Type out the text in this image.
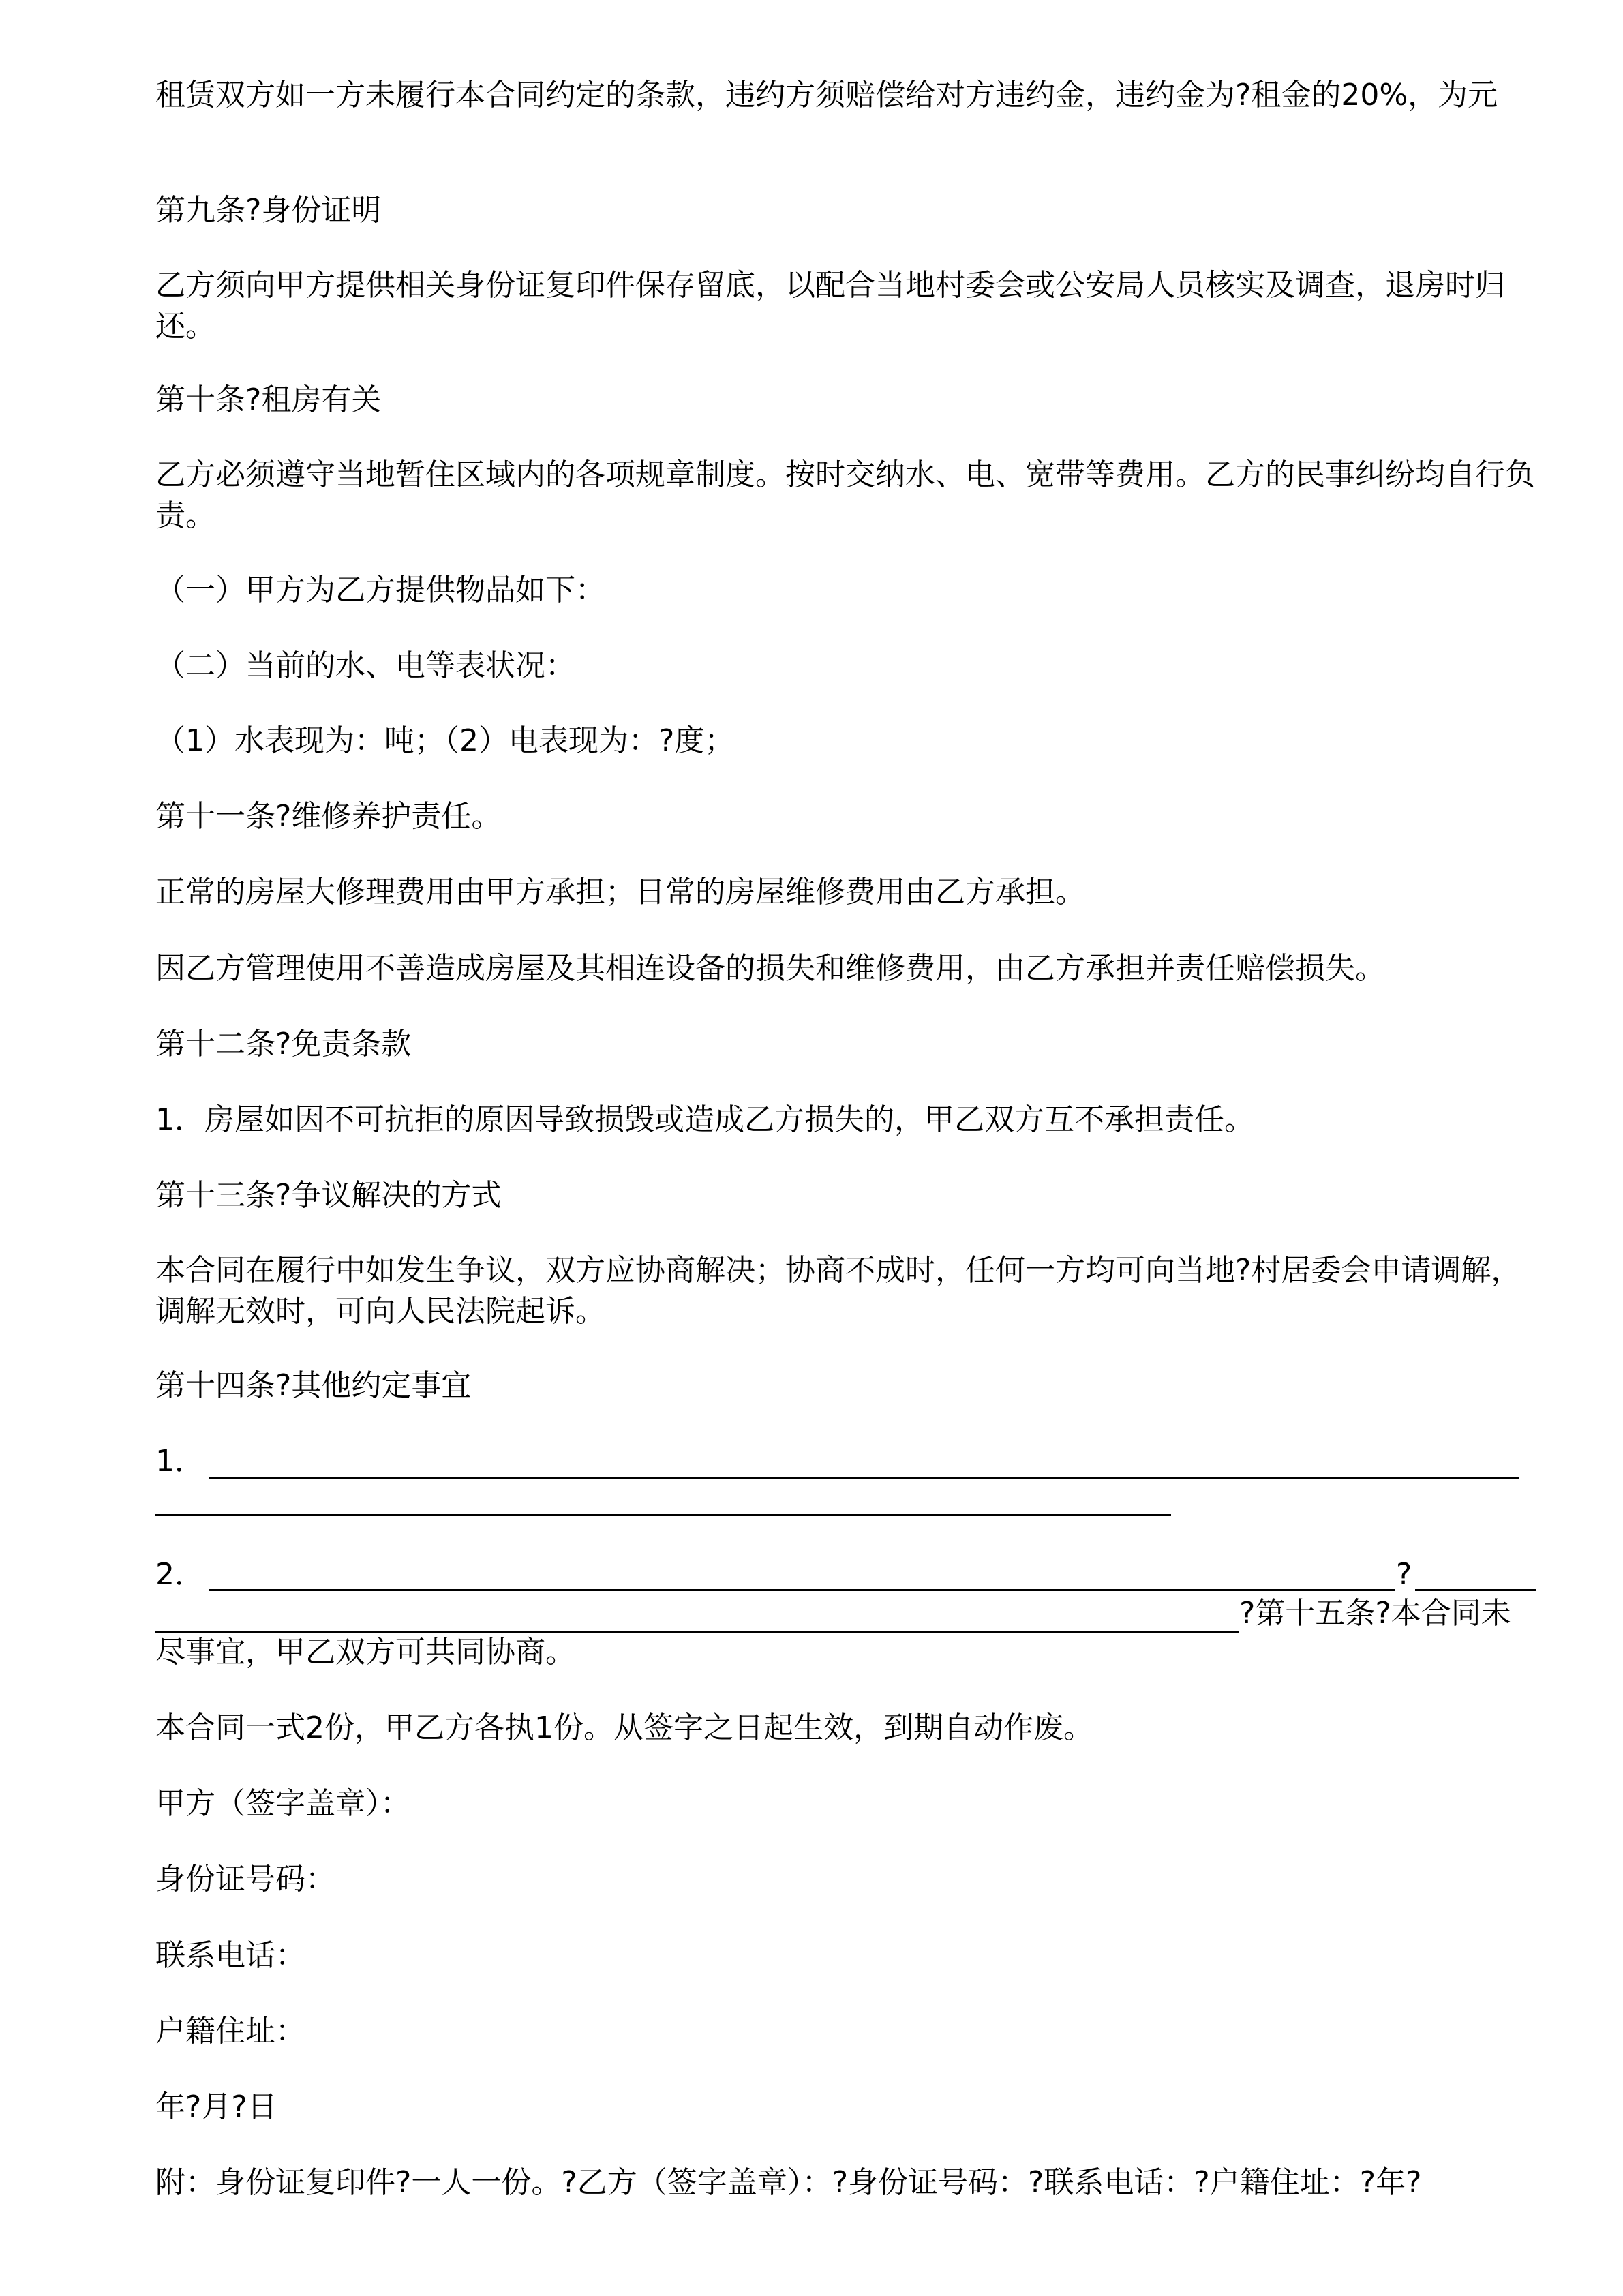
租赁双方如一方未履行本合同约定的条款，违约方须赔偿给对方违约金，违约金为?租金的20%，为元

第九条?身份证明

乙方须向甲方提供相关身份证复印件保存留底，以配合当地村委会或公安局人员核实及调查，退房时归还。

第十条?租房有关

乙方必须遵守当地暂住区域内的各项规章制度。按时交纳水、电、宽带等费用。乙方的民事纠纷均自行负责。

（一）甲方为乙方提供物品如下：

（二）当前的水、电等表状况：

（1）水表现为：吨；（2）电表现为：?度；

第十一条?维修养护责任。

正常的房屋大修理费用由甲方承担；日常的房屋维修费用由乙方承担。

因乙方管理使用不善造成房屋及其相连设备的损失和维修费用，由乙方承担并责任赔偿损失。

第十二条?免责条款

1．房屋如因不可抗拒的原因导致损毁或造成乙方损失的，甲乙双方互不承担责任。

第十三条?争议解决的方式

本合同在履行中如发生争议，双方应协商解决；协商不成时，任何一方均可向当地?村居委会申请调解，调解无效时，可向人民法院起诉。

第十四条?其他约定事宜

1．
2．	?
?第十五条?本合同未

尽事宜，甲乙双方可共同协商。

本合同一式2份，甲乙方各执1份。从签字之日起生效，到期自动作废。

甲方（签字盖章）：

身份证号码：

联系电话：

户籍住址：

年?月?日

附：身份证复印件?一人一份。?乙方（签字盖章）：?身份证号码：?联系电话：?户籍住址：?年?
